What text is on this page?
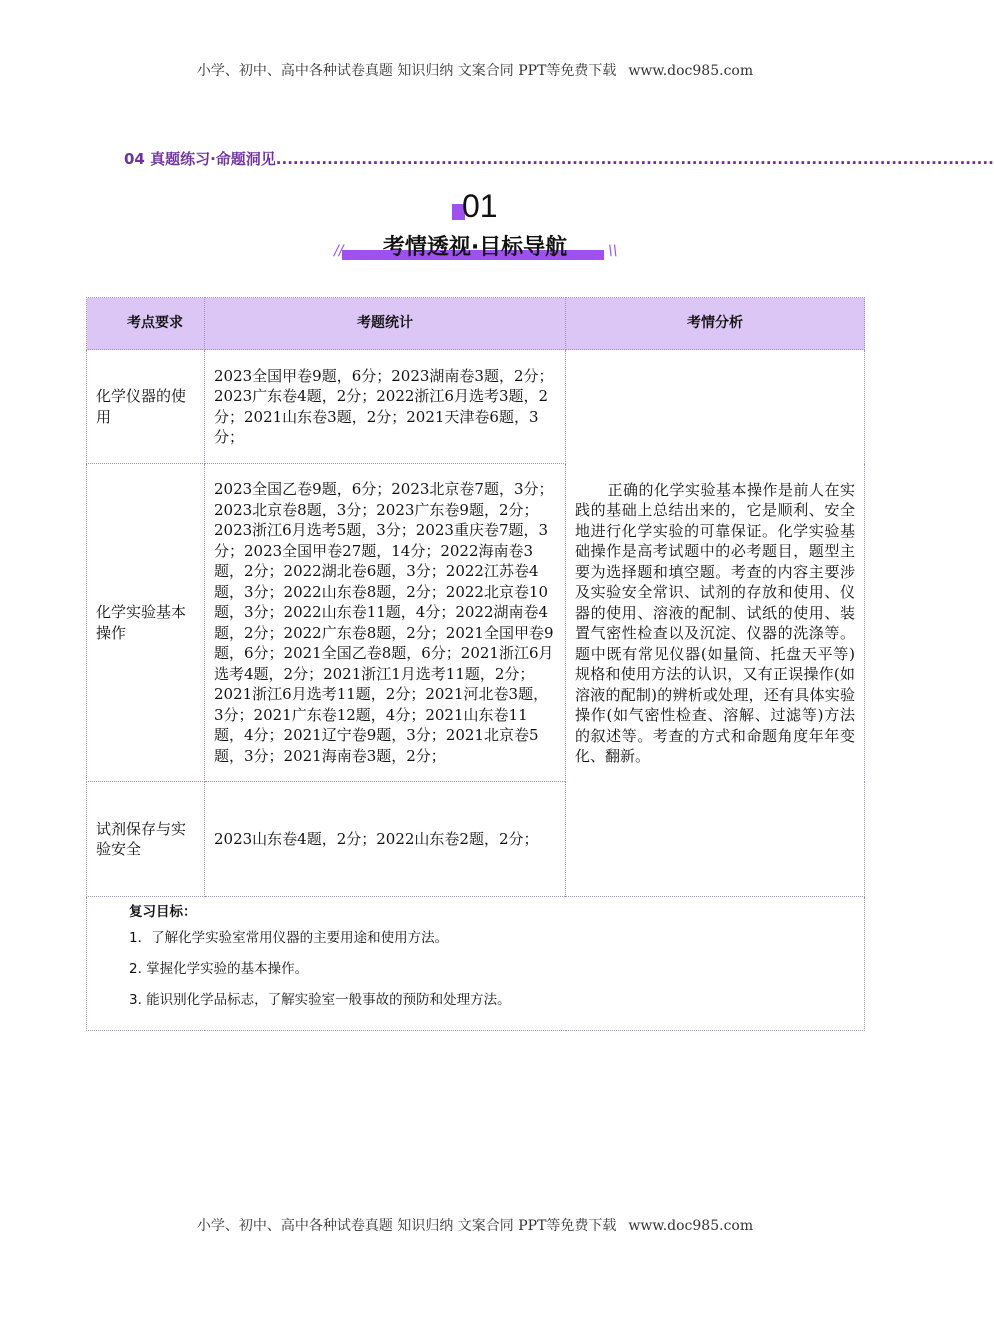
小学、初中、高中各种试卷真题 知识归纳 文案合同 PPT等免费下载 www.doc985.com
04 真题练习·命题洞见..............................................................................................................................
01
//	\\
考情透视·目标导航
考点要求	考题统计	考情分析
化学仪器的使用	2023全国甲卷9题，6分；2023湖南卷3题，2分；2023广东卷4题，2分；2022浙江6月选考3题，2分；2021山东卷3题，2分；2021天津卷6题，3分；	正确的化学实验基本操作是前人在实践的基础上总结出来的，它是顺利、安全地进行化学实验的可靠保证。化学实验基础操作是高考试题中的必考题目，题型主要为选择题和填空题。考查的内容主要涉及实验安全常识、试剂的存放和使用、仪器的使用、溶液的配制、试纸的使用、装置气密性检查以及沉淀、仪器的洗涤等。题中既有常见仪器(如量筒、托盘天平等)规格和使用方法的认识，又有正误操作(如溶液的配制)的辨析或处理，还有具体实验操作(如气密性检查、溶解、过滤等)方法的叙述等。考查的方式和命题角度年年变化、翻新。
化学实验基本操作	2023全国乙卷9题，6分；2023北京卷7题，3分；2023北京卷8题，3分；2023广东卷9题，2分；2023浙江6月选考5题，3分；2023重庆卷7题，3分；2023全国甲卷27题，14分；2022海南卷3题，2分；2022湖北卷6题，3分；2022江苏卷4题，3分；2022山东卷8题，2分；2022北京卷10题，3分；2022山东卷11题，4分；2022湖南卷4题，2分；2022广东卷8题，2分；2021全国甲卷9题，6分；2021全国乙卷8题，6分；2021浙江6月选考4题，2分；2021浙江1月选考11题，2分；2021浙江6月选考11题，2分；2021河北卷3题，3分；2021广东卷12题，4分；2021山东卷11题，4分；2021辽宁卷9题，3分；2021北京卷5题，3分；2021海南卷3题，2分；	
试剂保存与实验安全	2023山东卷4题，2分；2022山东卷2题，2分；	

复习目标：
1．了解化学实验室常用仪器的主要用途和使用方法。
2. 掌握化学实验的基本操作。
3. 能识别化学品标志，了解实验室一般事故的预防和处理方法。		
小学、初中、高中各种试卷真题 知识归纳 文案合同 PPT等免费下载 www.doc985.com
